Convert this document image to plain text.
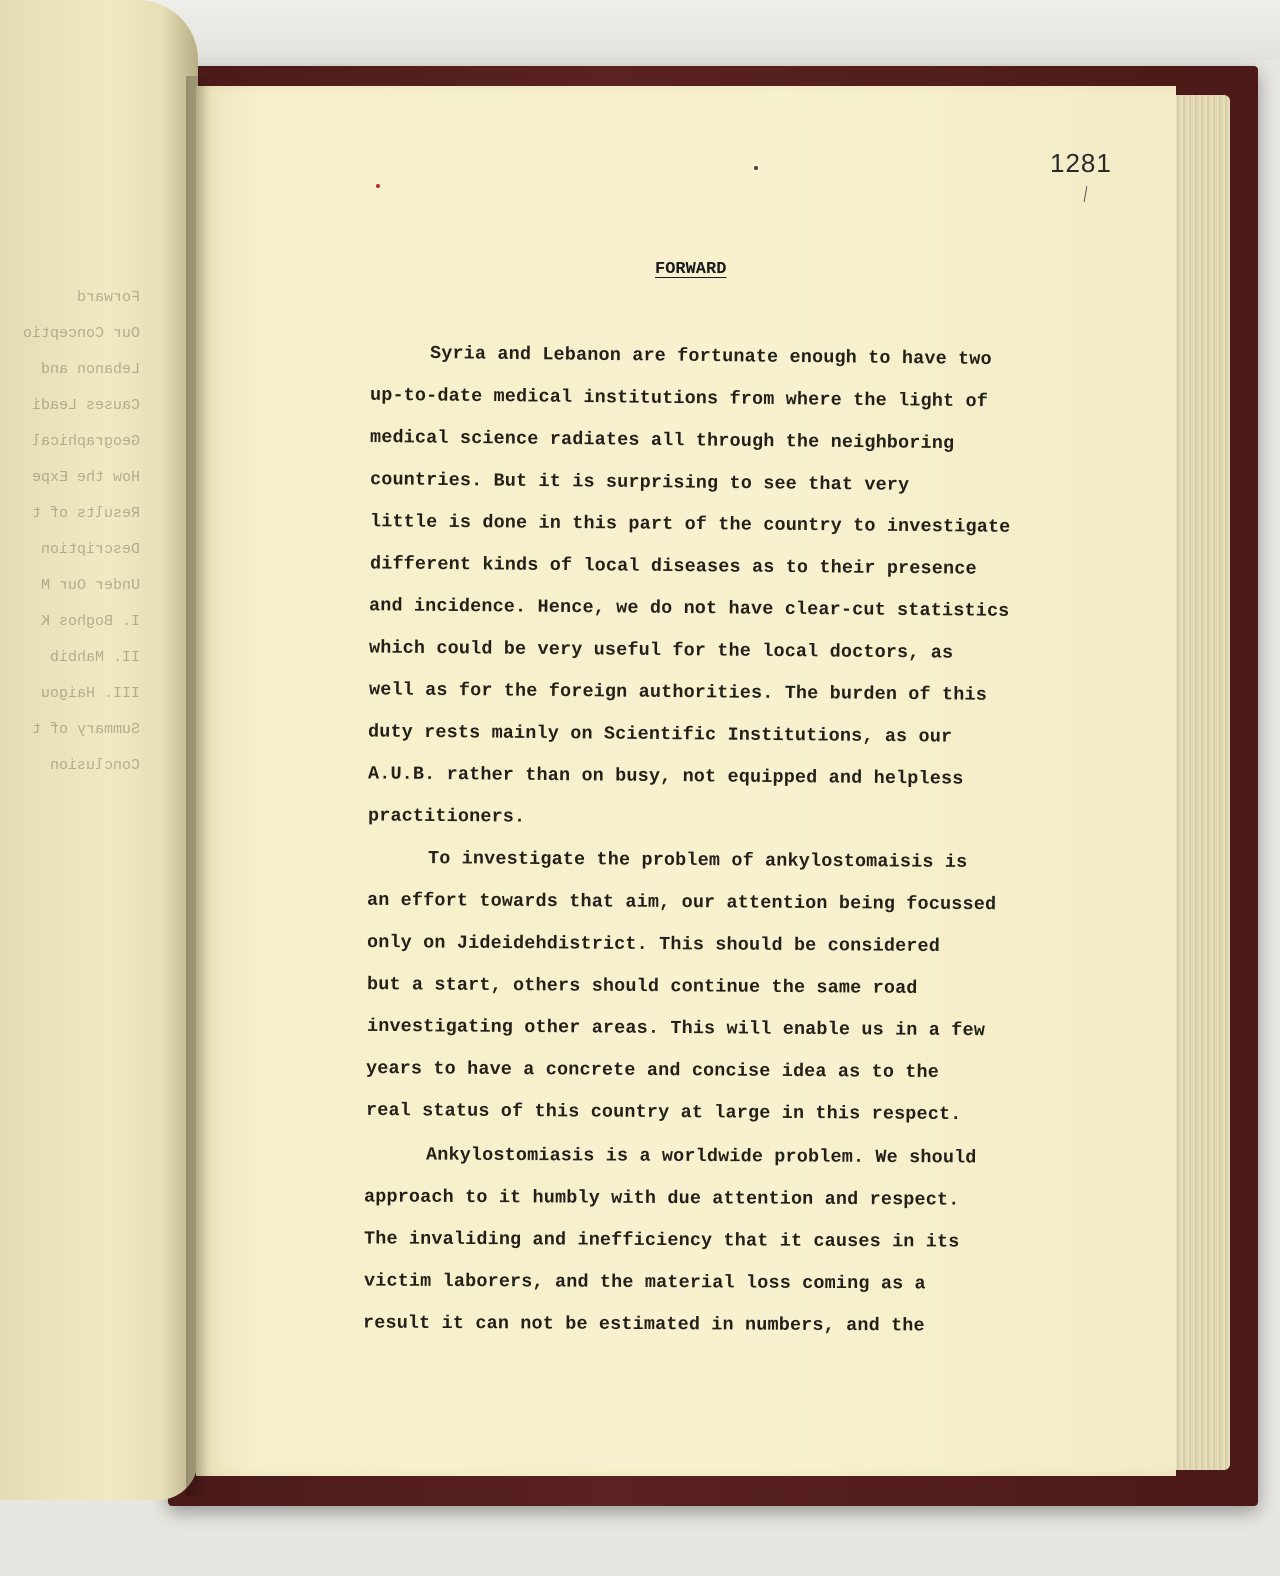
Forward
Our Conceptio
Lebanon and
Causes Leadi
Geographical
How the Expe
Results of t
Description
Under Our M
I. Boghos K
II. Mahbib
III. Haigou
Summary of t
Conclusion
1281
FORWARD
Syria and Lebanon are fortunate enough to have two
up-to-date medical institutions from where the light of
medical science radiates all through the neighboring
countries. But it is surprising to see that very
little is done in this part of the country to investigate
different kinds of local diseases as to their presence
and incidence. Hence, we do not have clear-cut statistics
which could be very useful for the local doctors, as
well as for the foreign authorities. The burden of this
duty rests mainly on Scientific Institutions, as our
A.U.B. rather than on busy, not equipped and helpless
practitioners.
To investigate the problem of ankylostomaisis is
an effort towards that aim, our attention being focussed
only on Jideidehdistrict. This should be considered
but a start, others should continue the same road
investigating other areas. This will enable us in a few
years to have a concrete and concise idea as to the
real status of this country at large in this respect.
Ankylostomiasis is a worldwide problem. We should
approach to it humbly with due attention and respect.
The invaliding and inefficiency that it causes in its
victim laborers, and the material loss coming as a
result it can not be estimated in numbers, and the
